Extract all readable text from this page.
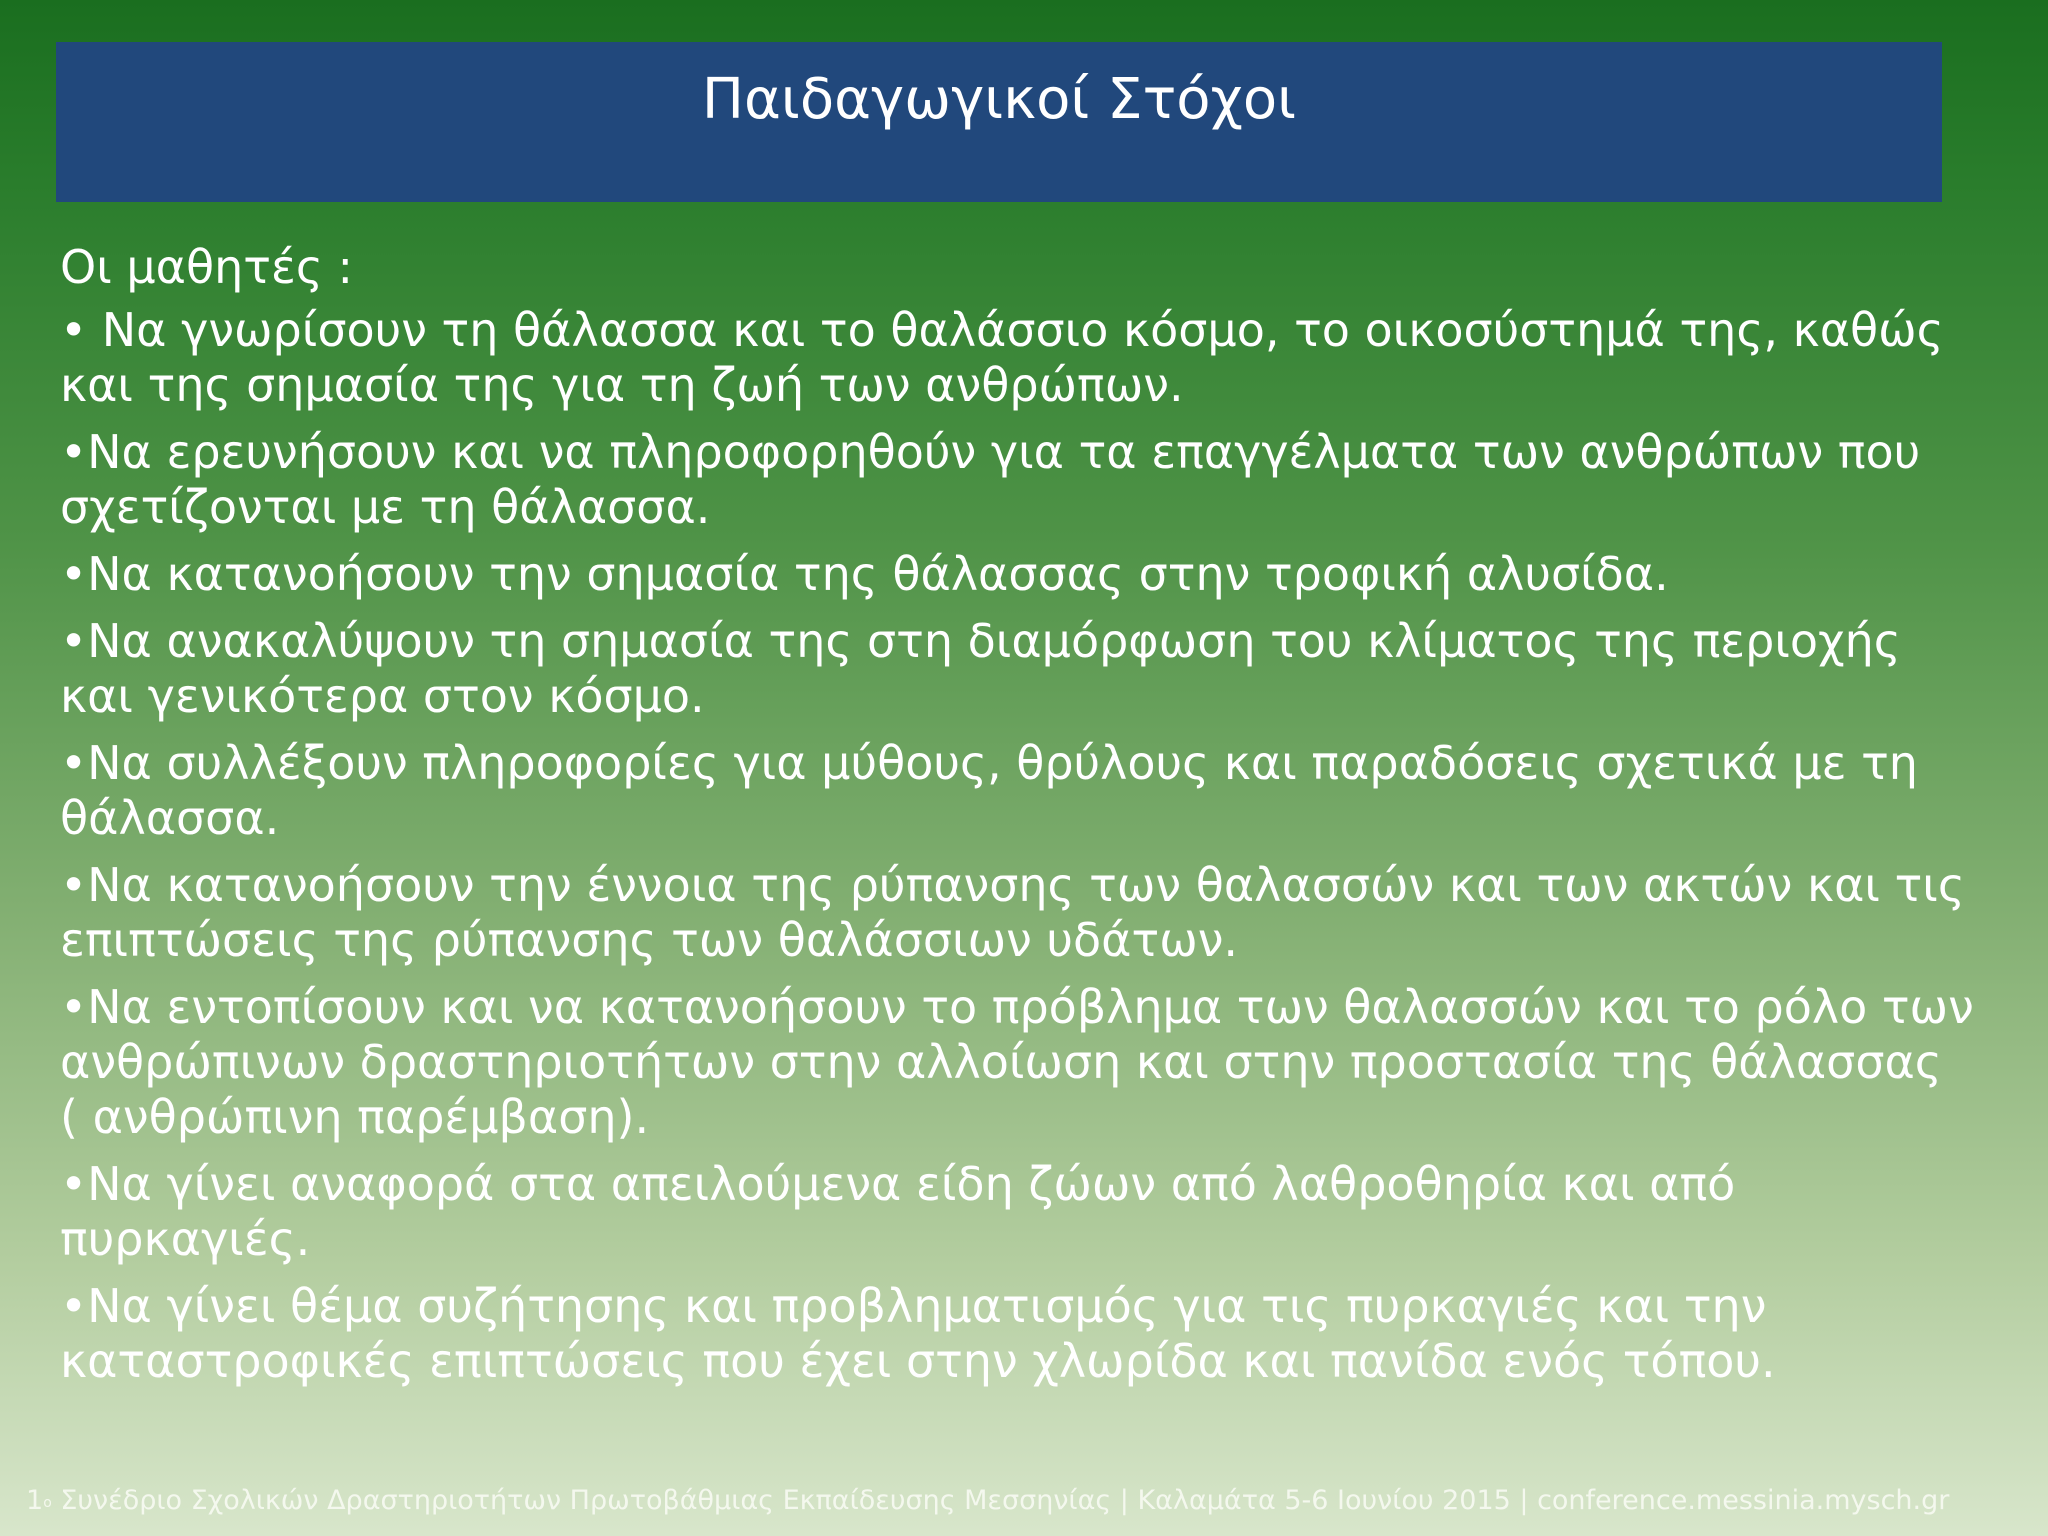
Παιδαγωγικοί Στόχοι
Οι μαθητές :
• Να γνωρίσουν τη θάλασσα και το θαλάσσιο κόσμο, το οικοσύστημά της, καθώς
και της σημασία της για τη ζωή των ανθρώπων.
•Να ερευνήσουν και να πληροφορηθούν για τα επαγγέλματα των ανθρώπων που
σχετίζονται με τη θάλασσα.
•Να κατανοήσουν την σημασία της θάλασσας στην τροφική αλυσίδα.
•Να ανακαλύψουν τη σημασία της στη διαμόρφωση του κλίματος της περιοχής
και γενικότερα στον κόσμο.
•Να συλλέξουν πληροφορίες για μύθους, θρύλους και παραδόσεις σχετικά με τη
θάλασσα.
•Να κατανοήσουν την έννοια της ρύπανσης των θαλασσών και των ακτών και τις
επιπτώσεις της ρύπανσης των θαλάσσιων υδάτων.
•Να εντοπίσουν και να κατανοήσουν το πρόβλημα των θαλασσών και το ρόλο των
ανθρώπινων δραστηριοτήτων στην αλλοίωση και στην προστασία της θάλασσας
( ανθρώπινη παρέμβαση).
•Να γίνει αναφορά στα απειλούμενα είδη ζώων από λαθροθηρία και από
πυρκαγιές.
•Να γίνει θέμα συζήτησης και προβληματισμός για τις πυρκαγιές και την
καταστροφικές επιπτώσεις που έχει στην χλωρίδα και πανίδα ενός τόπου.
$1^o$ Συνέδριο Σχολικών Δραστηριοτήτων Πρωτοβάθμιας Εκπαίδευσης Μεσσηνίας | Καλαμάτα 5-6 Ιουνίου 2015 | conference.messinia.mysch.gr
